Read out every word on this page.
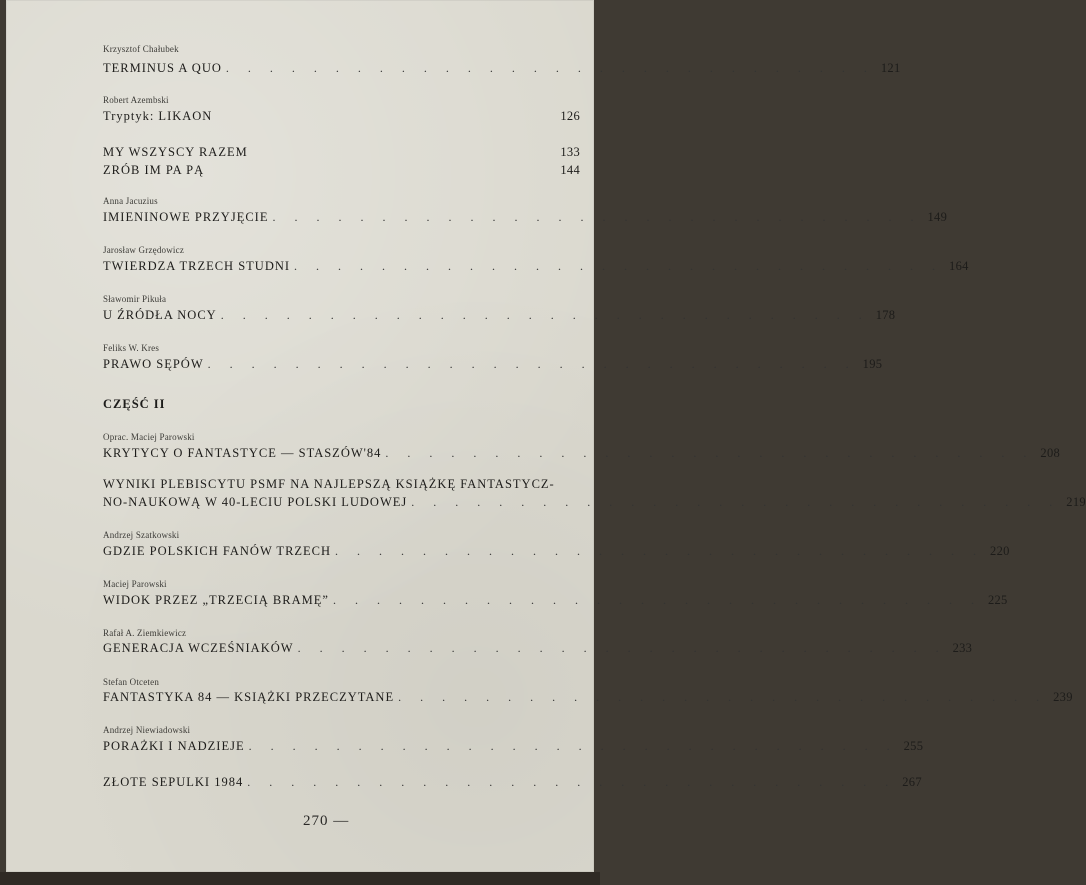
Krzysztof Chałubek
TERMINUS A QUO . . . . . . . . . . . . . . . . . . . . . . . . . . . . . . 121
Robert Azembski
Tryptyk: LIKAON	126
MY WSZYSCY RAZEM	133
ZRÓB IM PA PĄ	144
Anna Jacuzius
IMIENINOWE PRZYJĘCIE . . . . . . . . . . . . . . . . . . . . . . . . . . . . . . 149
Jarosław Grzędowicz
TWIERDZA TRZECH STUDNI . . . . . . . . . . . . . . . . . . . . . . . . . . . . . . 164
Sławomir Pikuła
U ŹRÓDŁA NOCY . . . . . . . . . . . . . . . . . . . . . . . . . . . . . . 178
Feliks W. Kres
PRAWO SĘPÓW . . . . . . . . . . . . . . . . . . . . . . . . . . . . . . 195
CZĘŚĆ II
Oprac. Maciej Parowski
KRYTYCY O FANTASTYCE — STASZÓW'84 . . . . . . . . . . . . . . . . . . . . . . . . . . . . . . 208
WYNIKI PLEBISCYTU PSMF NA NAJLEPSZĄ KSIĄŻKĘ FANTASTYCZ-
NO-NAUKOWĄ W 40-LECIU POLSKI LUDOWEJ . . . . . . . . . . . . . . . . . . . . . . . . . . . . . . 219
Andrzej Szatkowski
GDZIE POLSKICH FANÓW TRZECH . . . . . . . . . . . . . . . . . . . . . . . . . . . . . . 220
Maciej Parowski
WIDOK PRZEZ „TRZECIĄ BRAMĘ” . . . . . . . . . . . . . . . . . . . . . . . . . . . . . . 225
Rafał A. Ziemkiewicz
GENERACJA WCZEŚNIAKÓW . . . . . . . . . . . . . . . . . . . . . . . . . . . . . . 233
Stefan Otceten
FANTASTYKA 84 — KSIĄŻKI PRZECZYTANE . . . . . . . . . . . . . . . . . . . . . . . . . . . . . . 239
Andrzej Niewiadowski
PORAŻKI I NADZIEJE . . . . . . . . . . . . . . . . . . . . . . . . . . . . . . 255
ZŁOTE SEPULKI 1984 . . . . . . . . . . . . . . . . . . . . . . . . . . . . . . 267
270 —
